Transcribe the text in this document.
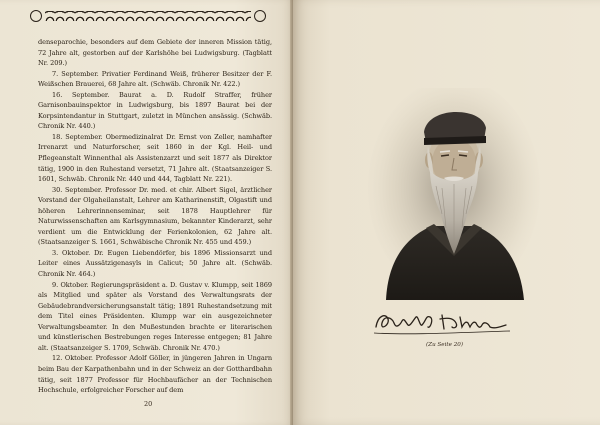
denseparochie, besonders auf dem Gebiete der inneren Mission tätig, 72 Jahre alt, gestorben auf der Karlshöhe bei Ludwigsburg. (Tagblatt Nr. 209.)

7. September. Privatier Ferdinand Weiß, früherer Besitzer der F. Weißschen Brauerei, 68 Jahre alt. (Schwäb. Chronik Nr. 422.)

16. September. Baurat a. D. Rudolf Straffer, früher Garnisonbauinspektor in Ludwigsburg, bis 1897 Baurat bei der Korpsintendantur in Stuttgart, zuletzt in München ansässig. (Schwäb. Chronik Nr. 440.)

18. September. Obermedizinalrat Dr. Ernst von Zeller, namhafter Irrenarzt und Naturforscher, seit 1860 in der Kgl. Heil- und Pflegeanstalt Winnenthal als Assistenzarzt und seit 1877 als Direktor tätig, 1900 in den Ruhestand versetzt, 71 Jahre alt. (Staatsanzeiger S. 1601, Schwäb. Chronik Nr. 440 und 444, Tagblatt Nr. 221).

30. September. Professor Dr. med. et chir. Albert Sigel, ärztlicher Vorstand der Olgaheilanstalt, Lehrer am Katharinenstift, Olgastift und höheren Lehrerinnenseminar, seit 1878 Hauptlehrer für Naturwissenschaften am Karlsgymnasium, bekannter Kinderarzt, sehr verdient um die Entwicklung der Ferienkolonien, 62 Jahre alt. (Staatsanzeiger S. 1661, Schwäbische Chronik Nr. 455 und 459.)

3. Oktober. Dr. Eugen Liebendörfer, bis 1896 Missionsarzt und Leiter eines Aussätzigenasyls in Calicut; 50 Jahre alt. (Schwäb. Chronik Nr. 464.)

9. Oktober. Regierungspräsident a. D. Gustav v. Klumpp, seit 1869 als Mitglied und später als Vorstand des Verwaltungsrats der Gebäudebrandversicherungsanstalt tätig; 1891 Ruhestandsetzung mit dem Titel eines Präsidenten. Klumpp war ein ausgezeichneter Verwaltungsbeamter. In den Mußestunden brachte er literarischen und künstlerischen Bestrebungen reges Interesse entgegen; 81 Jahre alt. (Staatsanzeiger S. 1709, Schwäb. Chronik Nr. 470.)

12. Oktober. Professor Adolf Göller, in jüngeren Jahren in Ungarn beim Bau der Karpathenbahn und in der Schweiz an der Gotthardbahn tätig, seit 1877 Professor für Hochbaufächer an der Technischen Hochschule, erfolgreicher Forscher auf dem

20
(Zu Seite 20)
